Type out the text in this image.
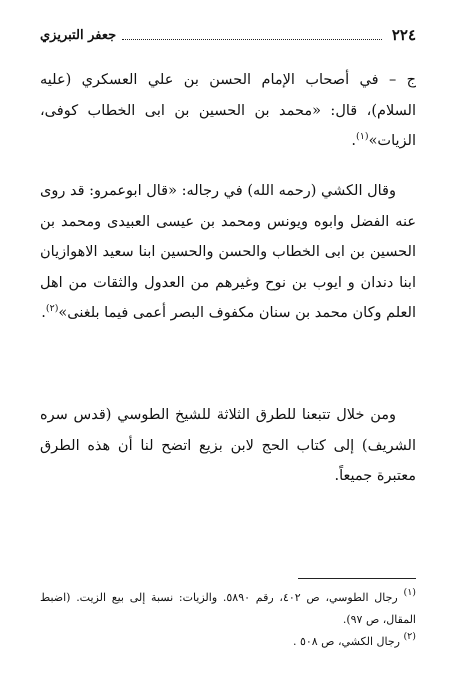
٢٢٤
جعفر التبريزي

ج – في أصحاب الإمام الحسن بن علي العسكري (عليه السلام)، قال: «محمد بن الحسين بن ابى الخطاب كوفى، الزيات»$^{(١)}$.

وقال الكشي (رحمه الله) في رجاله: «قال ابوعمرو: قد روى عنه الفضل وابوه ويونس ومحمد بن عيسى العبيدى ومحمد بن الحسين بن ابى الخطاب والحسن والحسين ابنا سعيد الاهوازيان ابنا دندان و ايوب بن نوح وغيرهم من العدول والثقات من اهل العلم وكان محمد بن سنان مكفوف البصر أعمى فيما بلغنى»$^{(٢)}$.

ومن خلال تتبعنا للطرق الثلاثة للشيخ الطوسي (قدس سره الشريف) إلى كتاب الحج لابن بزيع اتضح لنا أن هذه الطرق معتبرة جميعاً.

$^{(١)}$ رجال الطوسي، ص ٤٠٢، رقم ٥٨٩٠. والزيات: نسبة إلى بيع الزيت. (اضبط المقال، ص ٩٧).

$^{(٢)}$ رجال الكشي، ص ٥٠٨ .
